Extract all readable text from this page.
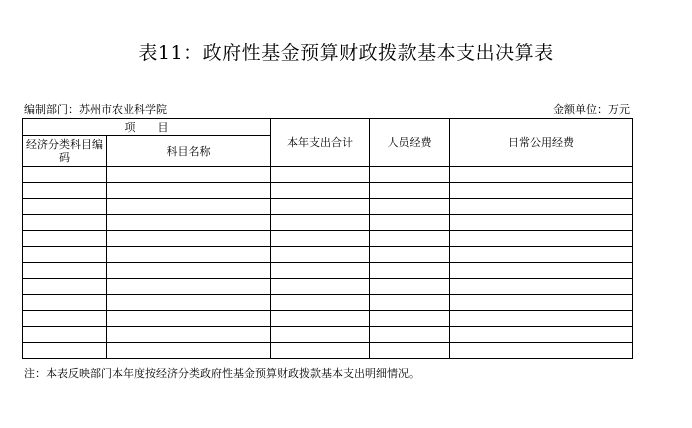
表11：政府性基金预算财政拨款基本支出决算表
编制部门：苏州市农业科学院	金额单位：万元
项　　目		本年支出合计	人员经费	日常公用经费
经济分类科目编码	科目名称			

注：本表反映部门本年度按经济分类政府性基金预算财政拨款基本支出明细情况。
